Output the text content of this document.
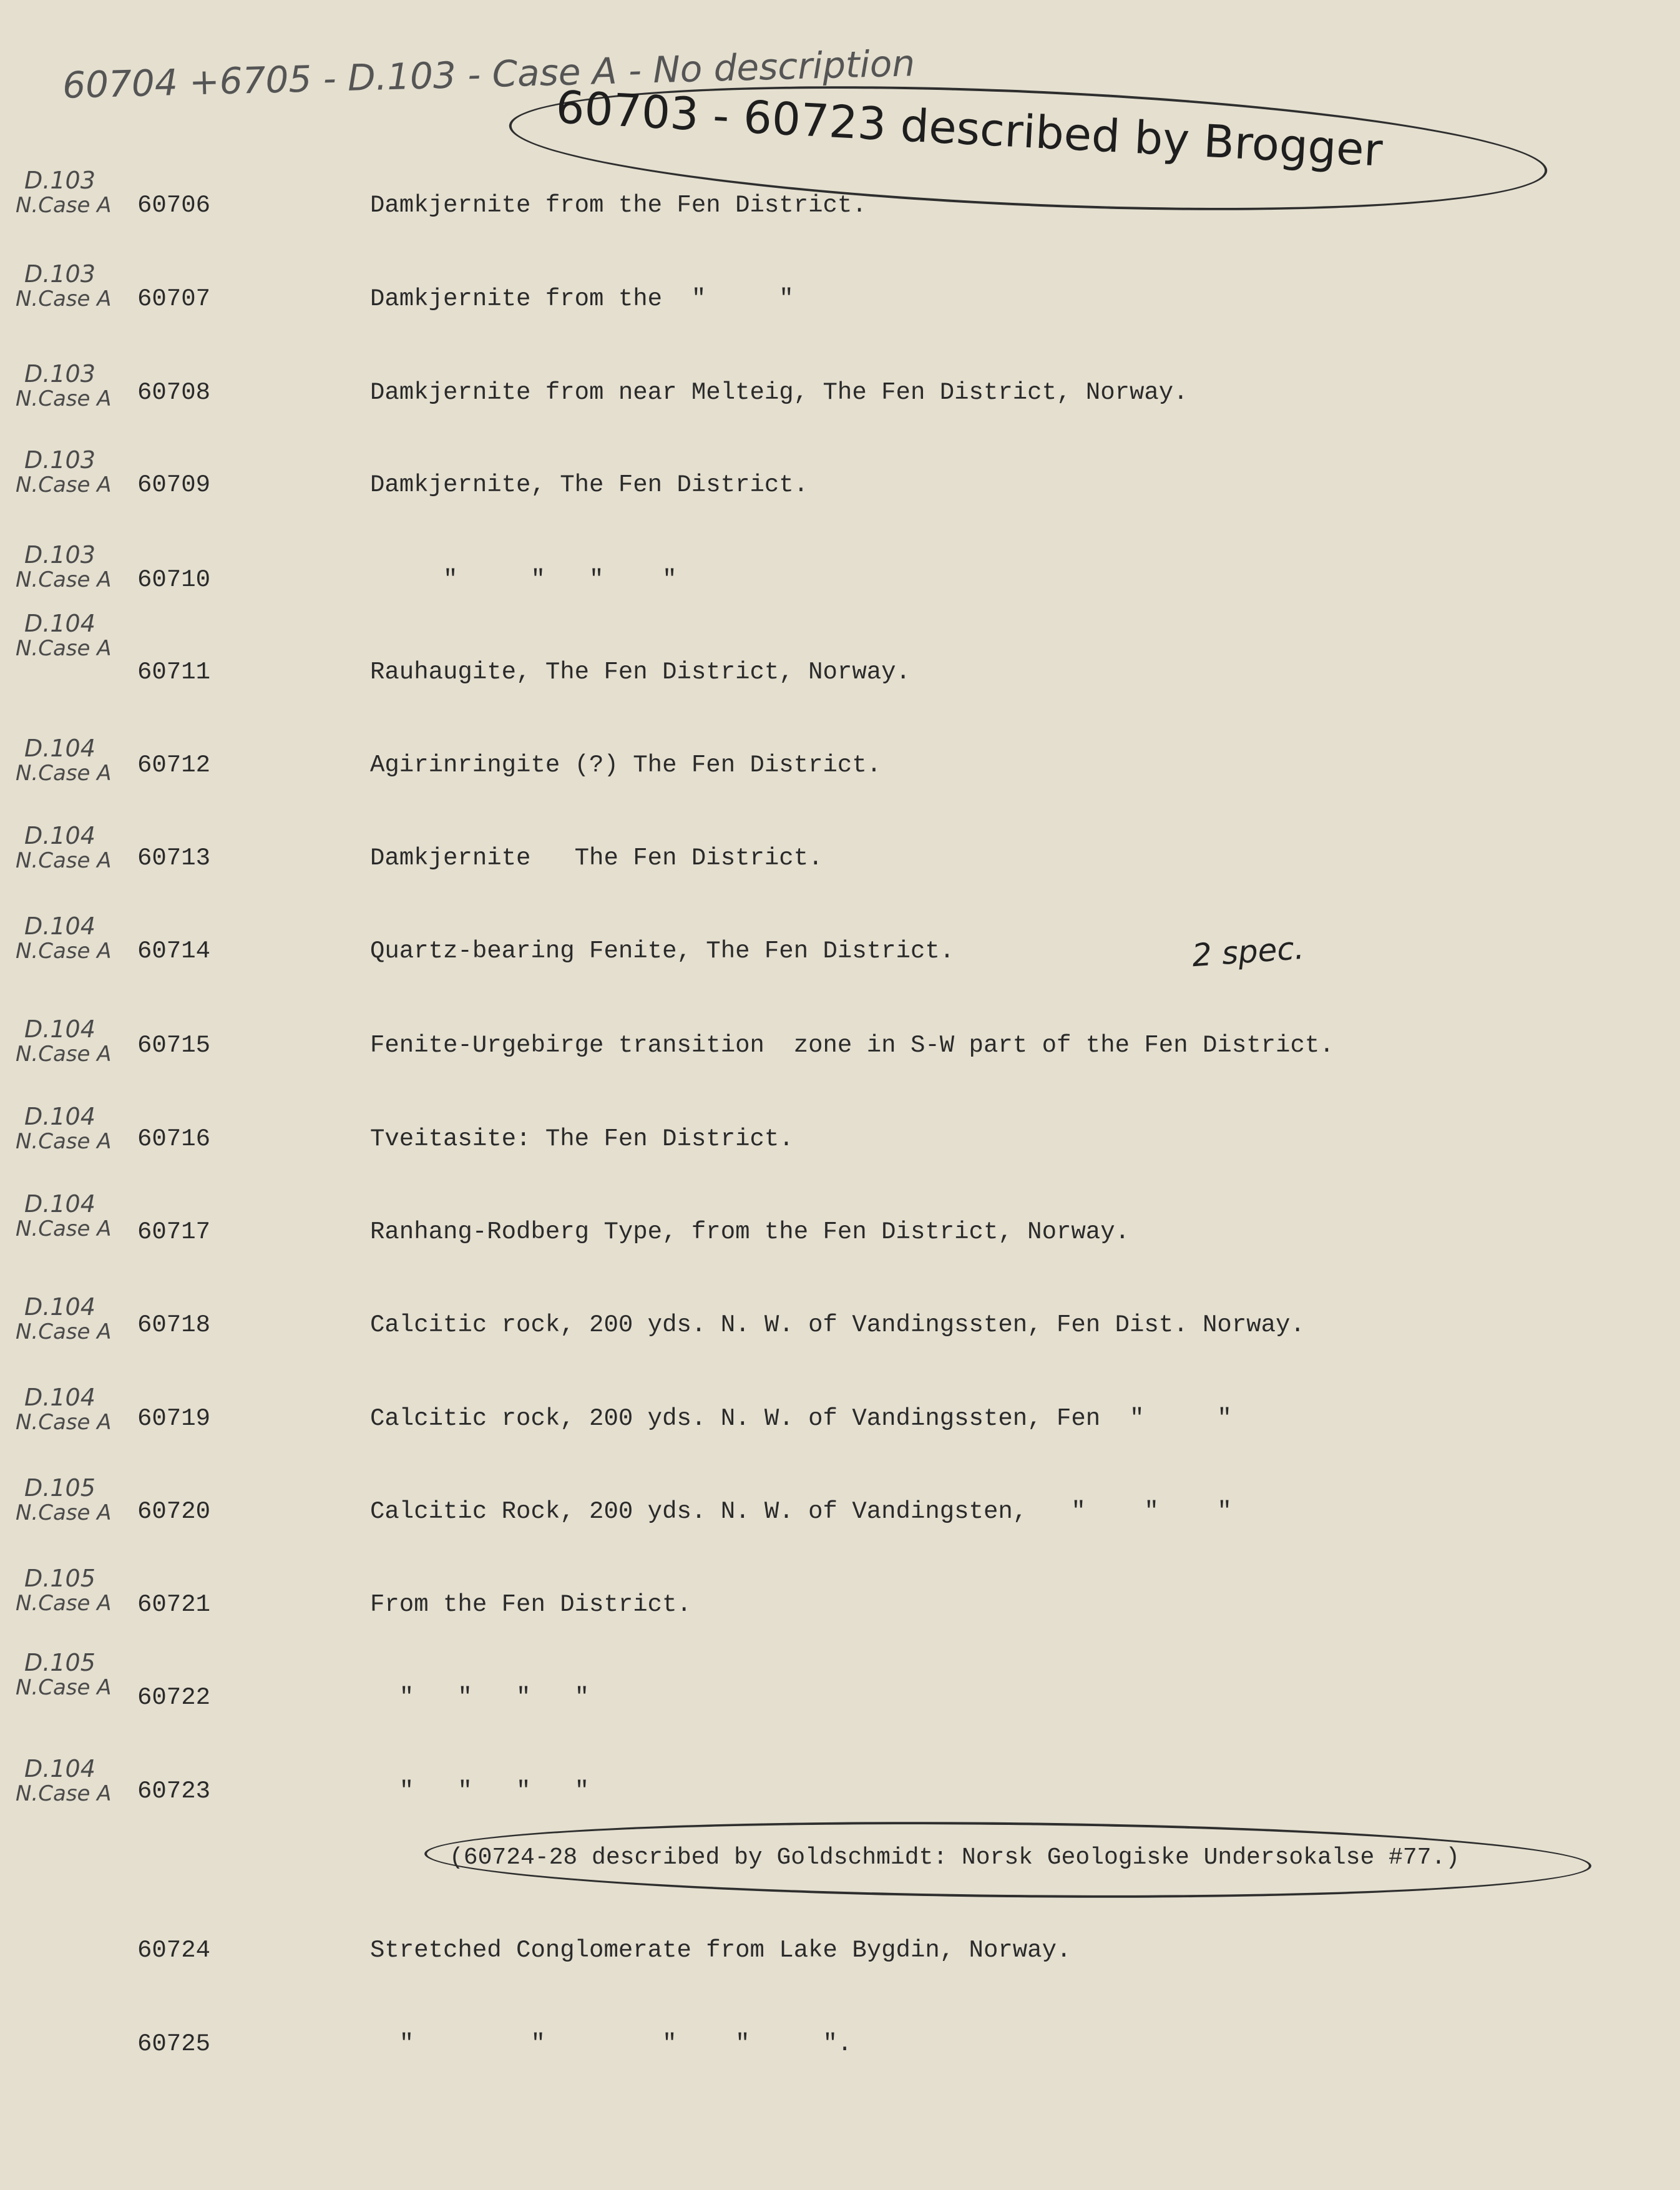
60704 +6705 - D.103 - Case A - No description
60703 - 60723 described by Brogger
D.103
N.Case A
D.103
N.Case A
D.103
N.Case A
D.103
N.Case A
D.103
N.Case A
D.104
N.Case A
D.104
N.Case A
D.104
N.Case A
D.104
N.Case A
D.104
N.Case A
D.104
N.Case A
D.104
N.Case A
D.104
N.Case A
D.104
N.Case A
D.105
N.Case A
D.105
N.Case A
D.105
N.Case A
D.104
N.Case A
60706
60707
60708
60709
60710
60711
60712
60713
60714
60715
60716
60717
60718
60719
60720
60721
60722
60723
60724
60725
Damkjernite from the Fen District.
Damkjernite from the  "     "
Damkjernite from near Melteig, The Fen District, Norway.
Damkjernite, The Fen District.
"     "   "    "
Rauhaugite, The Fen District, Norway.
Agirinringite (?) The Fen District.
Damkjernite   The Fen District.
Quartz-bearing Fenite, The Fen District.
Fenite-Urgebirge transition  zone in S-W part of the Fen District.
Tveitasite: The Fen District.
Ranhang-Rodberg Type, from the Fen District, Norway.
Calcitic rock, 200 yds. N. W. of Vandingssten, Fen Dist. Norway.
Calcitic rock, 200 yds. N. W. of Vandingssten, Fen  "     "
Calcitic Rock, 200 yds. N. W. of Vandingsten,   "    "    "
From the Fen District.
"   "   "   "
"   "   "   "
Stretched Conglomerate from Lake Bygdin, Norway.
"        "        "    "     ".
2 spec.
(60724-28 described by Goldschmidt: Norsk Geologiske Undersokalse #77.)
